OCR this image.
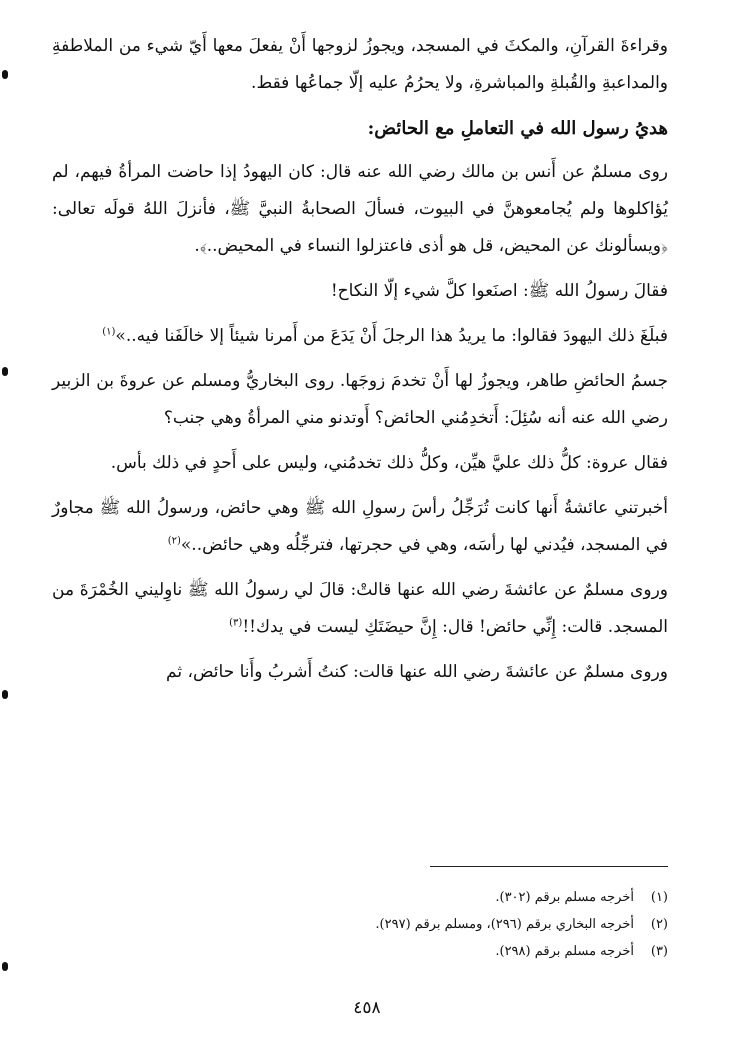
وقراءةَ القرآنِ، والمكثَ في المسجد، ويجوزُ لزوجها أَنْ يفعلَ معها أَيّ شيء من الملاطفةِ والمداعبةِ والقُبلةِ والمباشرةِ، ولا يحرُمُ عليه إلّا جماعُها فقط.

هديُ رسول الله في التعاملِ مع الحائض:

روى مسلمٌ عن أَنس بن مالك رضي الله عنه قال: كان اليهودُ إذا حاضت المرأةُ فيهم، لم يُؤاكلوها ولم يُجامعوهنَّ في البيوت، فسألَ الصحابةُ النبيَّ ﷺ، فأنزلَ اللهُ قولَه تعالى: ﴿ويسألونك عن المحيض، قل هو أذى فاعتزلوا النساء في المحيض..﴾.

فقالَ رسولُ الله ﷺ: اصنَعوا كلَّ شيء إلّا النكاح!

فبلَغَ ذلك اليهودَ فقالوا: ما يريدُ هذا الرجلَ أَنْ يَدَعَ من أَمرنا شيئاً إلا خالَفَنا فيه..»$^{(١)}$

جسمُ الحائضِ طاهر، ويجوزُ لها أَنْ تخدمَ زوجَها. روى البخاريُّ ومسلم عن عروةَ بن الزبير رضي الله عنه أنه سُئِلَ: أَتخدِمُني الحائض؟ أَوتدنو مني المرأةُ وهي جنب؟

فقال عروة: كلُّ ذلك عليَّ هيِّن، وكلُّ ذلك تخدمُني، وليس على أَحدٍ في ذلك بأس.

أخبرتني عائشةُ أَنها كانت تُرَجِّلُ رأسَ رسولِ الله ﷺ وهي حائض، ورسولُ الله ﷺ مجاورٌ في المسجد، فيُدني لها رأسَه، وهي في حجرتها، فترجِّلُه وهي حائض..»$^{(٢)}$

وروى مسلمٌ عن عائشةَ رضي الله عنها قالتْ: قالَ لي رسولُ الله ﷺ ناوِليني الخُمْرَةَ من المسجد. قالت: إِنِّي حائض! قال: إِنَّ حيضَتَكِ ليست في يدك!!$^{(٣)}$

وروى مسلمٌ عن عائشةَ رضي الله عنها قالت: كنتُ أَشربُ وأَنا حائض، ثم

(١)
أخرجه مسلم برقم (٣٠٢).
(٢)
أخرجه البخاري برقم (٢٩٦)، ومسلم برقم (٢٩٧).
(٣)
أخرجه مسلم برقم (٢٩٨).
٤٥٨
